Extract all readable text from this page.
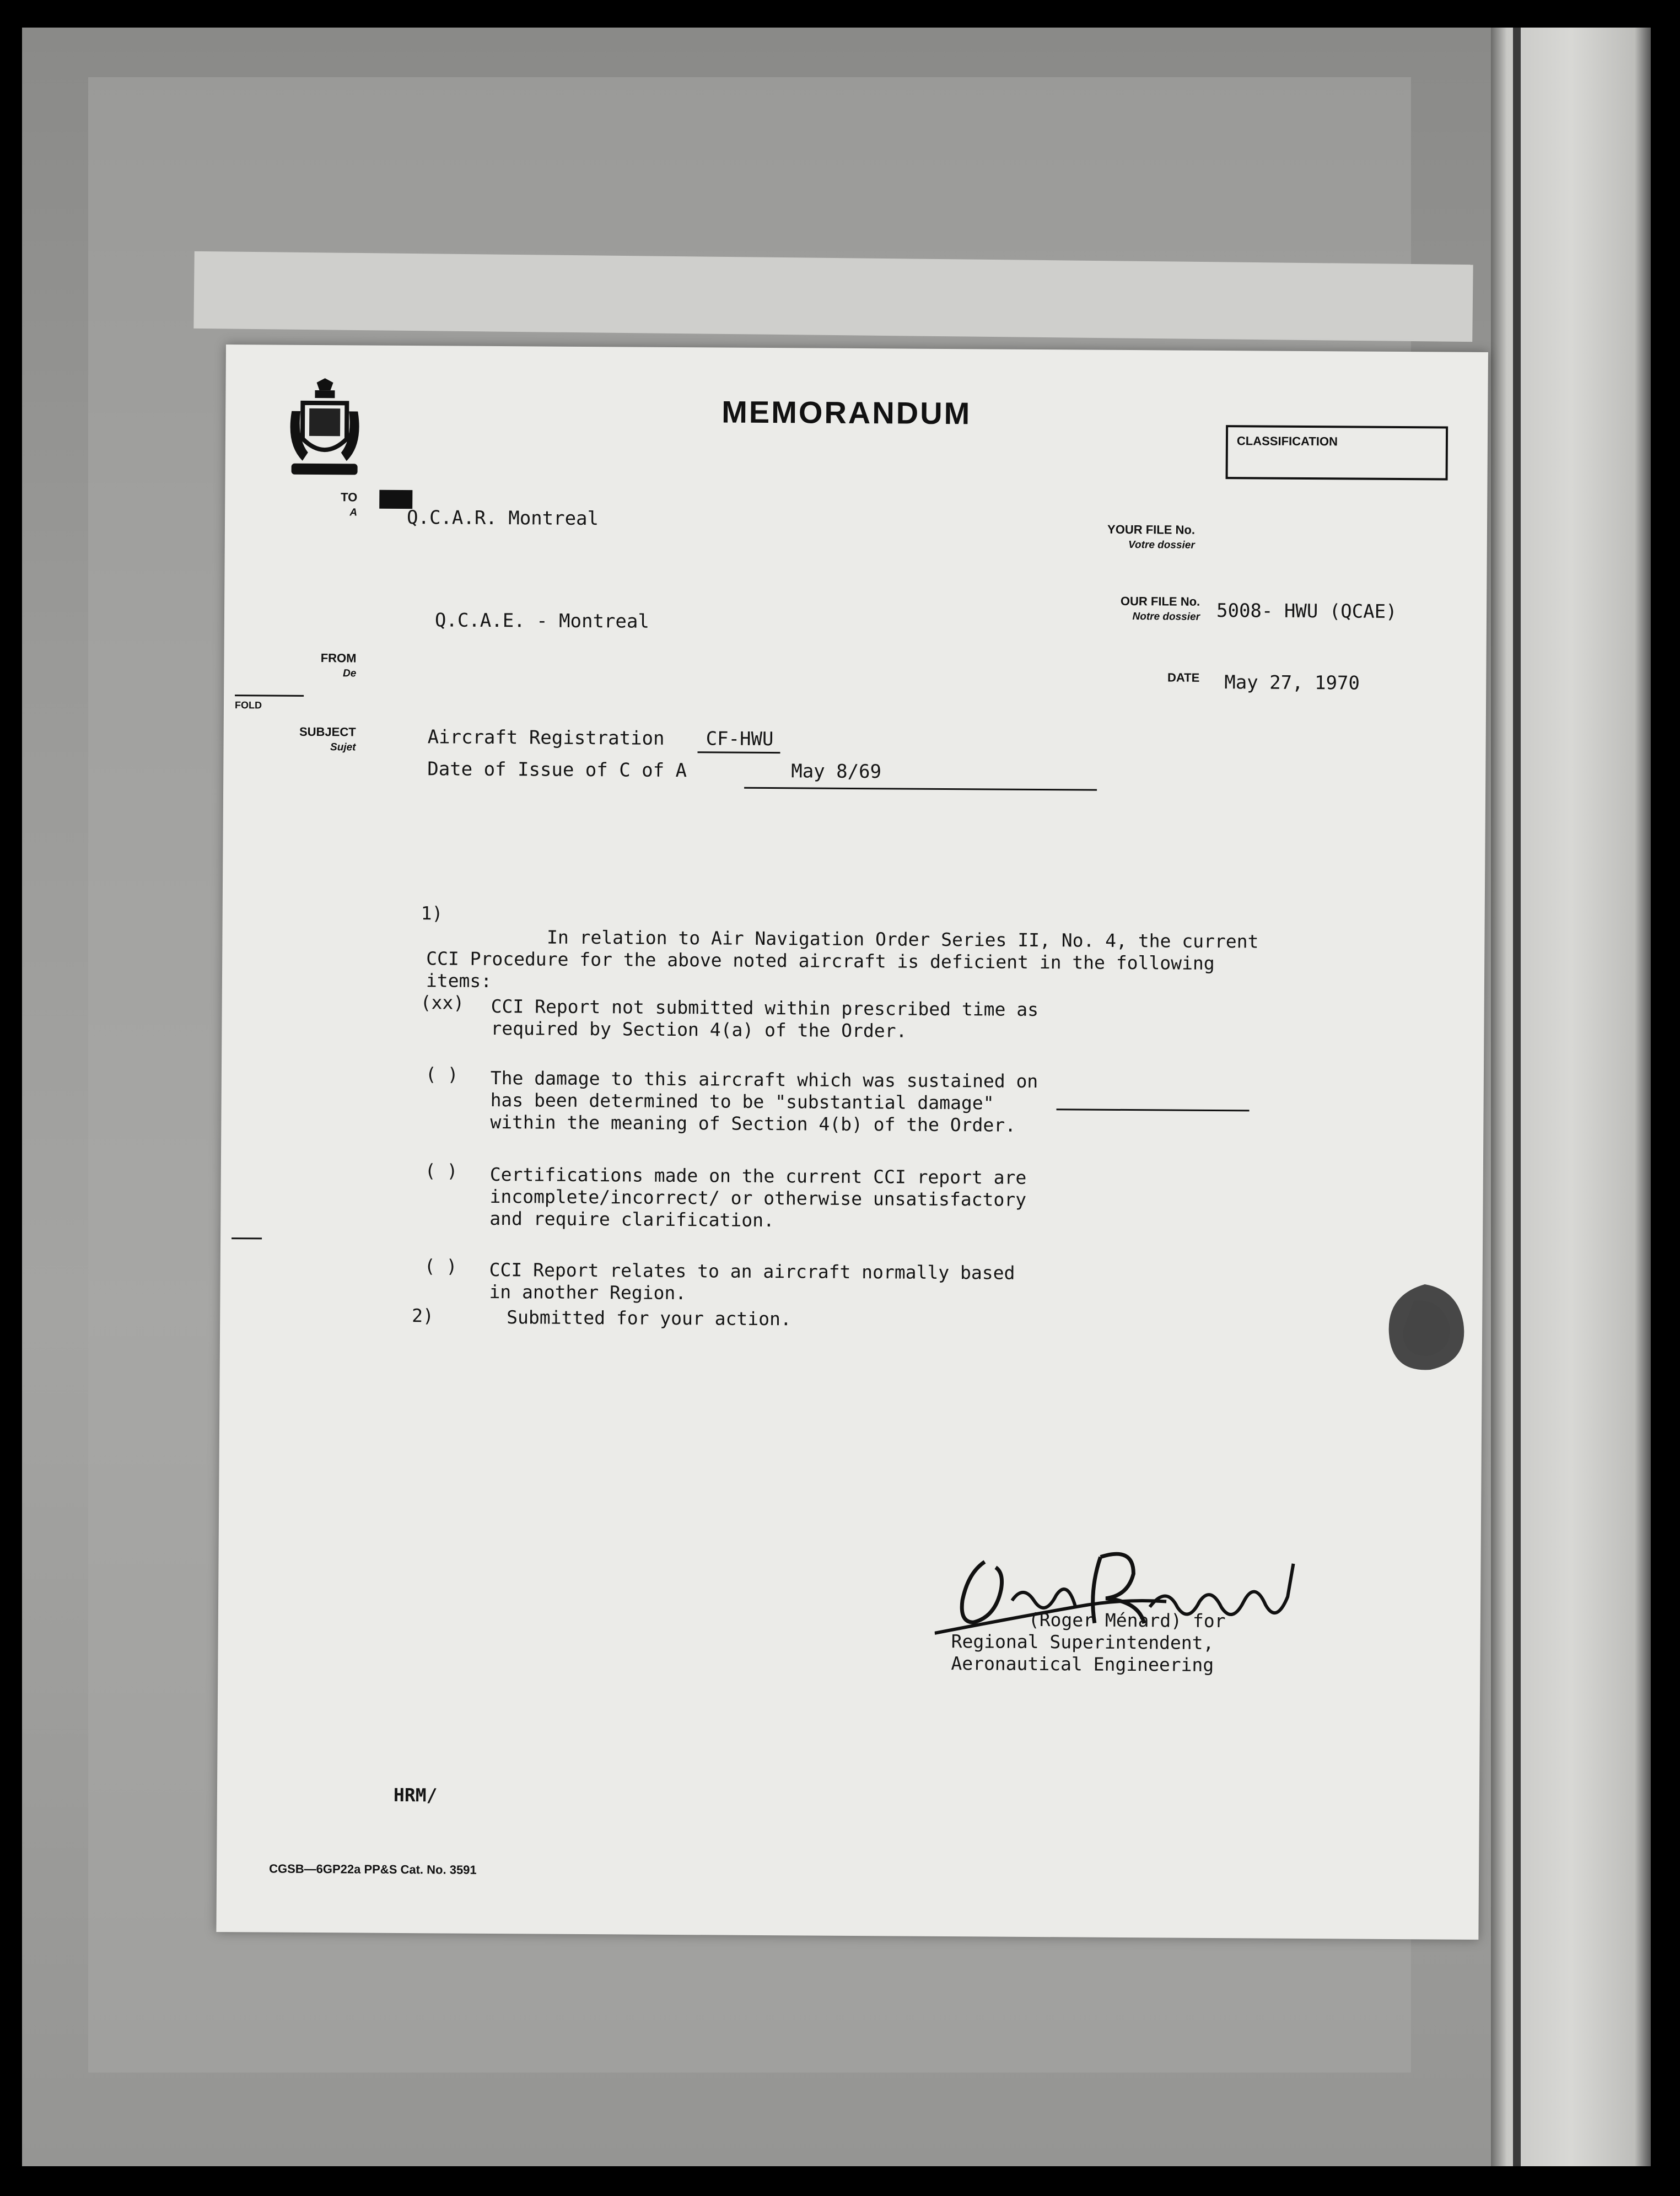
MEMORANDUM
CLASSIFICATION
TO
A	Q.C.A.R. Montreal	YOUR FILE No.
Votre dossier
OUR FILE No.
Notre dossier 5008- HWU (QCAE)
Q.C.A.E. - Montreal
FROM
De	DATE May 27, 1970
FOLD
SUBJECT
Sujet	Aircraft Registration CF-HWU
Date of Issue of C of A	May 8/69
1)

In relation to Air Navigation Order Series II, No. 4, the current
CCI Procedure for the above noted aircraft is deficient in the following
items:

(xx) CCI Report not submitted within prescribed time as
required by Section 4(a) of the Order.
( ) The damage to this aircraft which was sustained on
has been determined to be "substantial damage"
within the meaning of Section 4(b) of the Order.
( ) Certifications made on the current CCI report are
incomplete/incorrect/ or otherwise unsatisfactory
and require clarification.
( ) CCI Report relates to an aircraft normally based
in another Region.
2)	Submitted for your action.
(Roger Ménard) for
Regional Superintendent,
Aeronautical Engineering
HRM/
CGSB—6GP22a PP&S Cat. No. 3591
